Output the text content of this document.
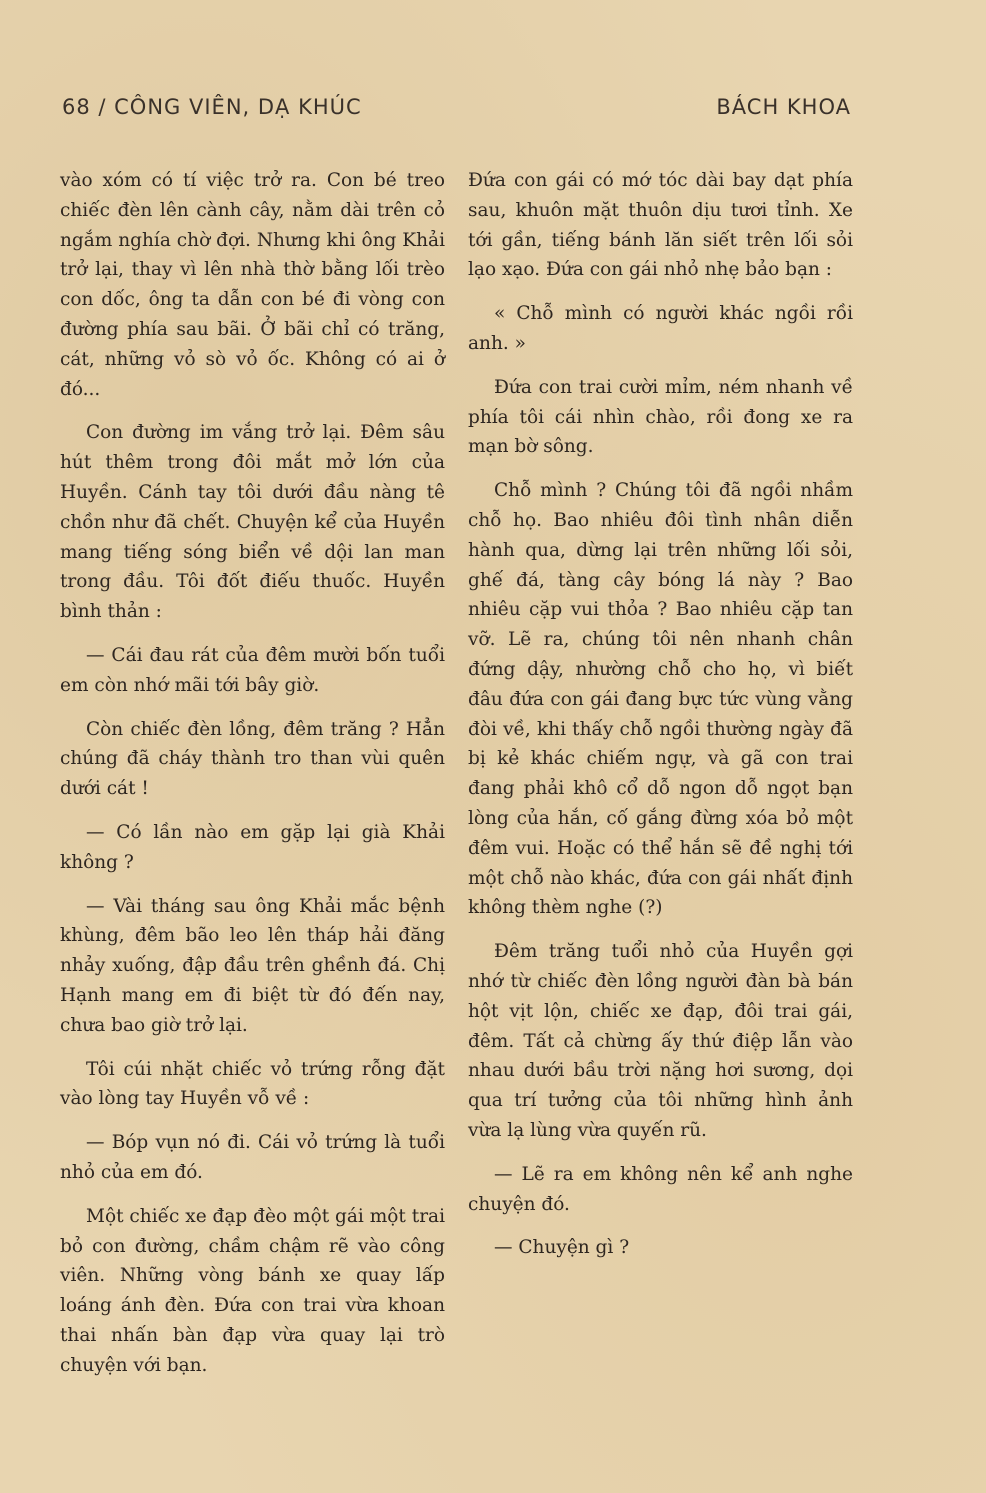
68 / CÔNG VIÊN, DẠ KHÚC	BÁCH KHOA

vào xóm có tí việc trở ra. Con bé treo chiếc đèn lên cành cây, nằm dài trên cỏ ngắm nghía chờ đợi. Nhưng khi ông Khải trở lại, thay vì lên nhà thờ bằng lối trèo con dốc, ông ta dẫn con bé đi vòng con đường phía sau bãi. Ở bãi chỉ có trăng, cát, những vỏ sò vỏ ốc. Không có ai ở đó...

Con đường im vắng trở lại. Đêm sâu hút thêm trong đôi mắt mở lớn của Huyền. Cánh tay tôi dưới đầu nàng tê chồn như đã chết. Chuyện kể của Huyền mang tiếng sóng biển về dội lan man trong đầu. Tôi đốt điếu thuốc. Huyền bình thản :

— Cái đau rát của đêm mười bốn tuổi em còn nhớ mãi tới bây giờ.

Còn chiếc đèn lồng, đêm trăng ? Hẳn chúng đã cháy thành tro than vùi quên dưới cát !

— Có lần nào em gặp lại già Khải không ?

— Vài tháng sau ông Khải mắc bệnh khùng, đêm bão leo lên tháp hải đăng nhảy xuống, đập đầu trên ghềnh đá. Chị Hạnh mang em đi biệt từ đó đến nay, chưa bao giờ trở lại.

Tôi cúi nhặt chiếc vỏ trứng rỗng đặt vào lòng tay Huyền vỗ về :

— Bóp vụn nó đi. Cái vỏ trứng là tuổi nhỏ của em đó.

Một chiếc xe đạp đèo một gái một trai bỏ con đường, chầm chậm rẽ vào công viên. Những vòng bánh xe quay lấp loáng ánh đèn. Đứa con trai vừa khoan thai nhấn bàn đạp vừa quay lại trò chuyện với bạn.

Đứa con gái có mớ tóc dài bay dạt phía sau, khuôn mặt thuôn dịu tươi tỉnh. Xe tới gần, tiếng bánh lăn siết trên lối sỏi lạo xạo. Đứa con gái nhỏ nhẹ bảo bạn :

« Chỗ mình có người khác ngồi rồi anh. »

Đứa con trai cười mỉm, ném nhanh về phía tôi cái nhìn chào, rồi đong xe ra mạn bờ sông.

Chỗ mình ? Chúng tôi đã ngồi nhầm chỗ họ. Bao nhiêu đôi tình nhân diễn hành qua, dừng lại trên những lối sỏi, ghế đá, tàng cây bóng lá này ? Bao nhiêu cặp vui thỏa ? Bao nhiêu cặp tan vỡ. Lẽ ra, chúng tôi nên nhanh chân đứng dậy, nhường chỗ cho họ, vì biết đâu đứa con gái đang bực tức vùng vằng đòi về, khi thấy chỗ ngồi thường ngày đã bị kẻ khác chiếm ngự, và gã con trai đang phải khô cổ dỗ ngon dỗ ngọt bạn lòng của hắn, cố gắng đừng xóa bỏ một đêm vui. Hoặc có thể hắn sẽ đề nghị tới một chỗ nào khác, đứa con gái nhất định không thèm nghe (?)

Đêm trăng tuổi nhỏ của Huyền gợi nhớ từ chiếc đèn lồng người đàn bà bán hột vịt lộn, chiếc xe đạp, đôi trai gái, đêm. Tất cả chừng ấy thứ điệp lẫn vào nhau dưới bầu trời nặng hơi sương, dọi qua trí tưởng của tôi những hình ảnh vừa lạ lùng vừa quyến rũ.

— Lẽ ra em không nên kể anh nghe chuyện đó.

— Chuyện gì ?
